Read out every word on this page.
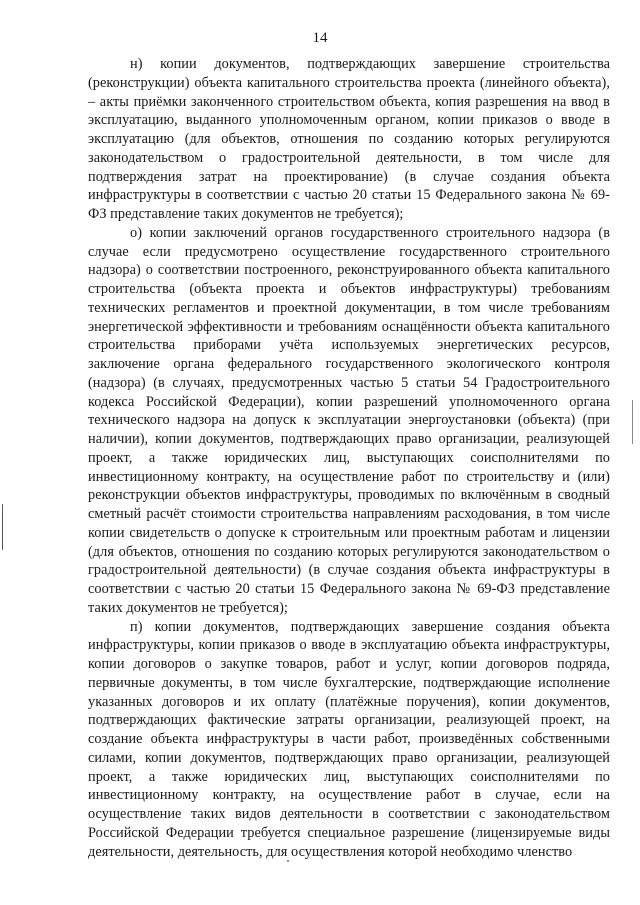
14

н) копии документов, подтверждающих завершение строительства (реконструкции) объекта капитального строительства проекта (линейного объекта), – акты приёмки законченного строительством объекта, копия разрешения на ввод в эксплуатацию, выданного уполномоченным органом, копии приказов о вводе в эксплуатацию (для объектов, отношения по созданию которых регулируются законодательством о градостроительной деятельности, в том числе для подтверждения затрат на проектирование) (в случае создания объекта инфраструктуры в соответствии с частью 20 статьи 15 Федерального закона № 69-ФЗ представление таких документов не требуется);

о) копии заключений органов государственного строительного надзора (в случае если предусмотрено осуществление государственного строительного надзора) о соответствии построенного, реконструированного объекта капитального строительства (объекта проекта и объектов инфраструктуры) требованиям технических регламентов и проектной документации, в том числе требованиям энергетической эффективности и требованиям оснащённости объекта капитального строительства приборами учёта используемых энергетических ресурсов, заключение органа федерального государственного экологического контроля (надзора) (в случаях, предусмотренных частью 5 статьи 54 Градостроительного кодекса Российской Федерации), копии разрешений уполномоченного органа технического надзора на допуск к эксплуатации энергоустановки (объекта) (при наличии), копии документов, подтверждающих право организации, реализующей проект, а также юридических лиц, выступающих соисполнителями по инвестиционному контракту, на осуществление работ по строительству и (или) реконструкции объектов инфраструктуры, проводимых по включённым в сводный сметный расчёт стоимости строительства направлениям расходования, в том числе копии свидетельств о допуске к строительным или проектным работам и лицензии (для объектов, отношения по созданию которых регулируются законодательством о градостроительной деятельности) (в случае создания объекта инфраструктуры в соответствии с частью 20 статьи 15 Федерального закона № 69-ФЗ представление таких документов не требуется);

п) копии документов, подтверждающих завершение создания объекта инфраструктуры, копии приказов о вводе в эксплуатацию объекта инфраструктуры, копии договоров о закупке товаров, работ и услуг, копии договоров подряда, первичные документы, в том числе бухгалтерские, подтверждающие исполнение указанных договоров и их оплату (платёжные поручения), копии документов, подтверждающих фактические затраты организации, реализующей проект, на создание объекта инфраструктуры в части работ, произведённых собственными силами, копии документов, подтверждающих право организации, реализующей проект, а также юридических лиц, выступающих соисполнителями по инвестиционному контракту, на осуществление работ в случае, если на осуществление таких видов деятельности в соответствии с законодательством Российской Федерации требуется специальное разрешение (лицензируемые виды деятельности, деятельность, для осуществления которой необходимо членство
